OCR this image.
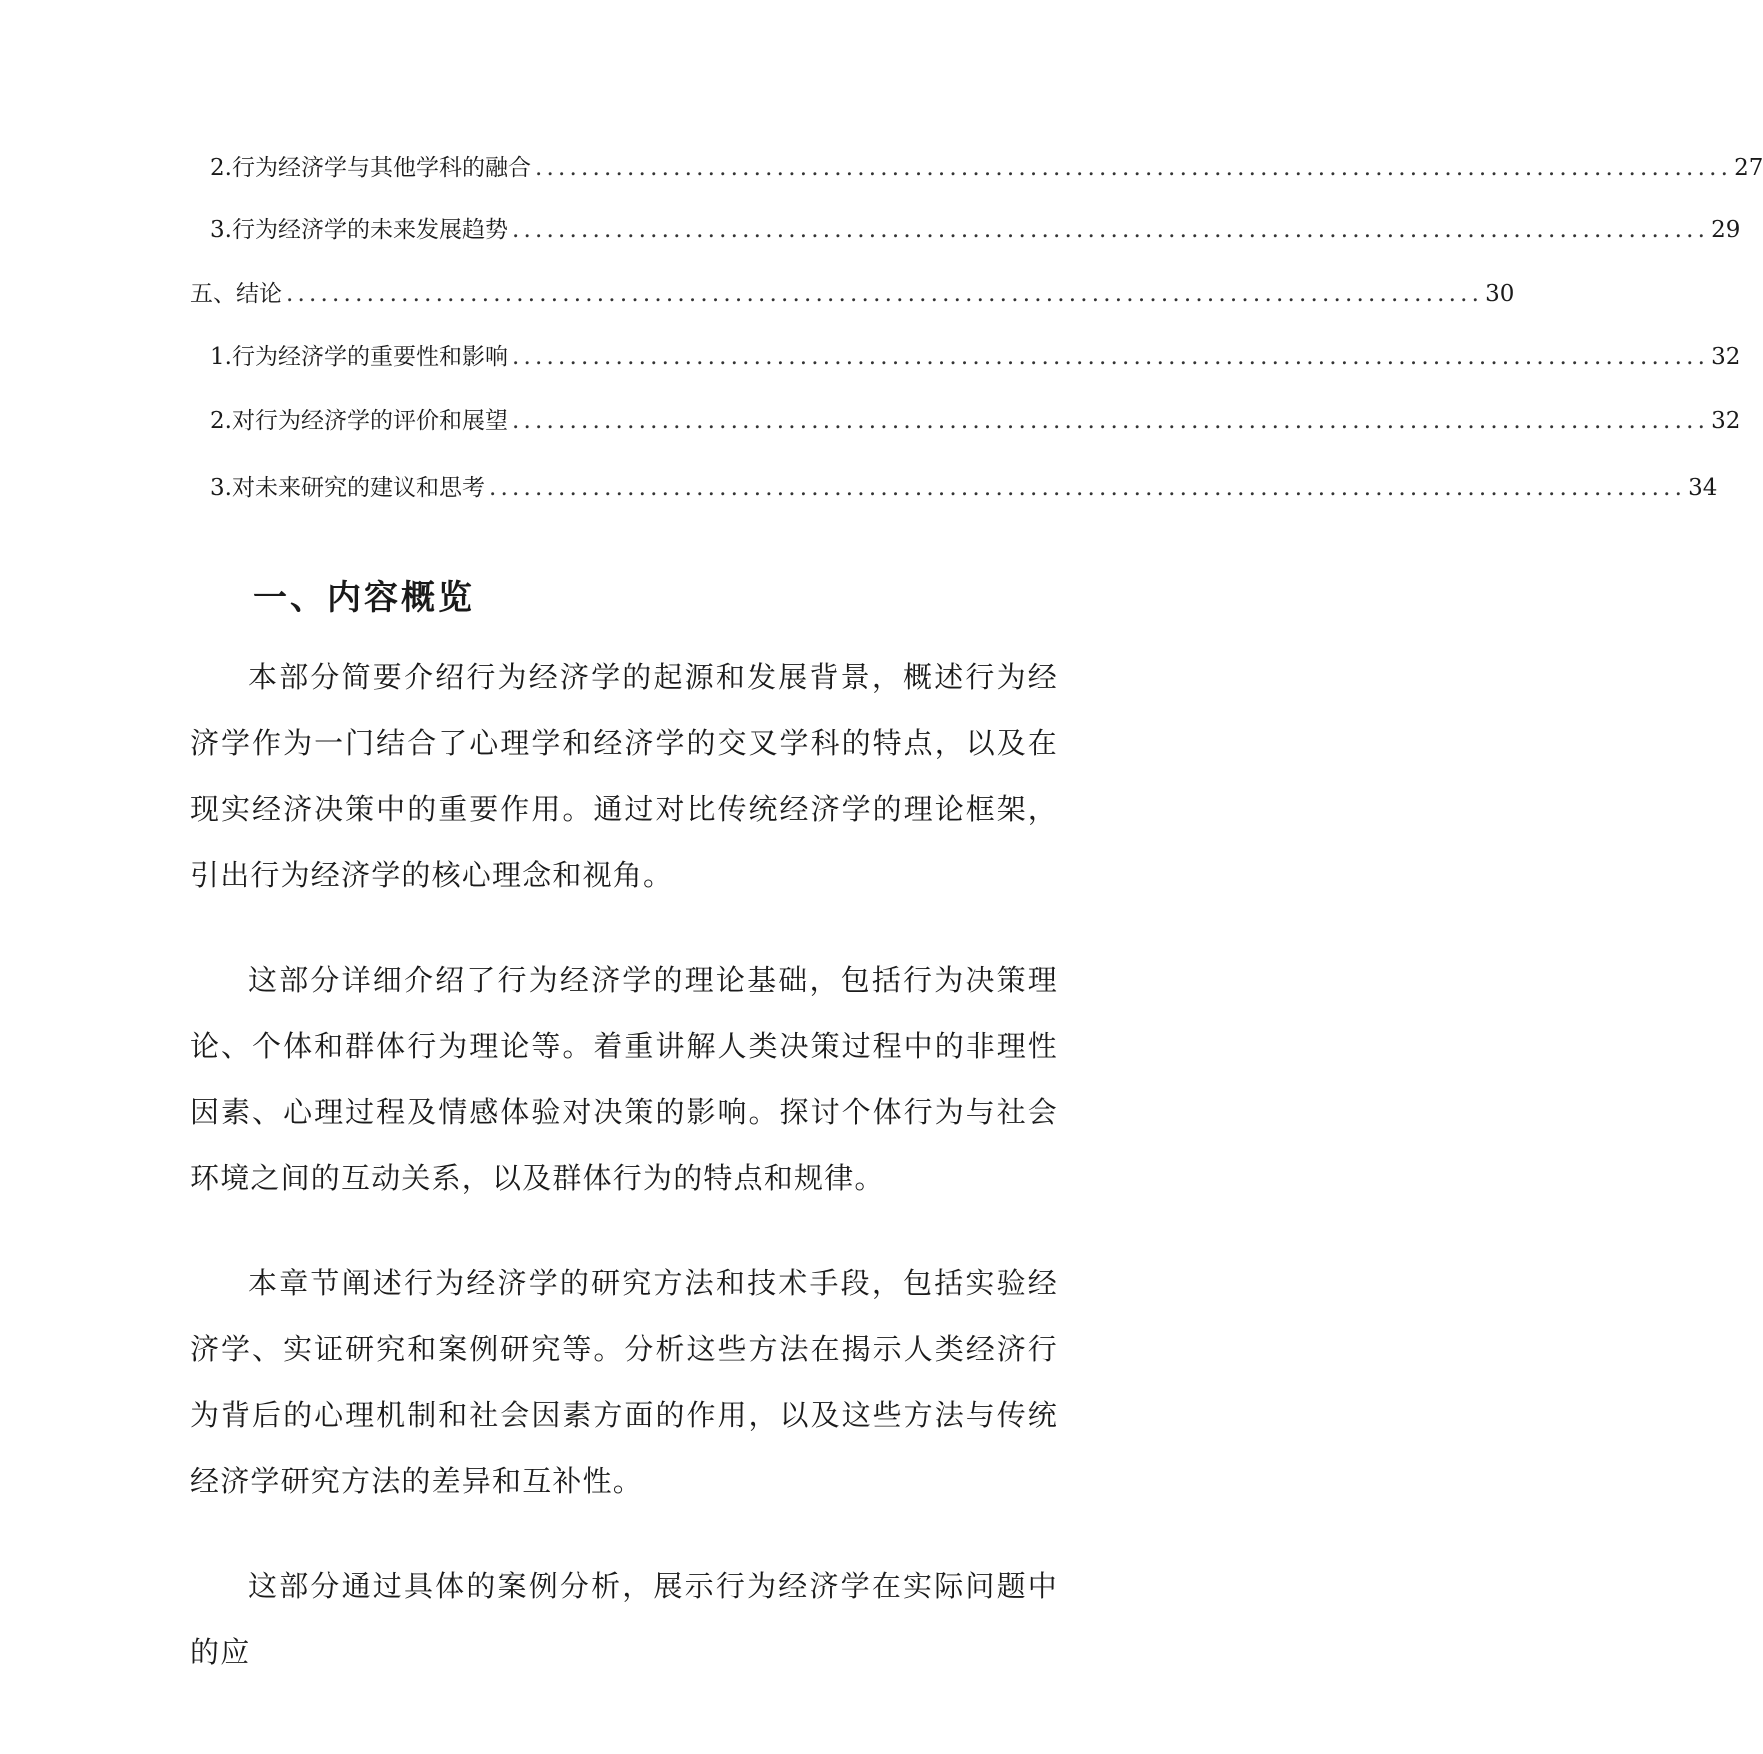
2. 行为经济学与其他学科的融合 ........................................................................................................ 27
3. 行为经济学的未来发展趋势 ........................................................................................................ 29
五、结论 ........................................................................................................ 30
1. 行为经济学的重要性和影响 ........................................................................................................ 32
2. 对行为经济学的评价和展望 ........................................................................................................ 32
3. 对未来研究的建议和思考 ........................................................................................................ 34
一、内容概览

本部分简要介绍行为经济学的起源和发展背景，概述行为经济学作为一门结合了心理学和经济学的交叉学科的特点，以及在现实经济决策中的重要作用。通过对比传统经济学的理论框架，引出行为经济学的核心理念和视角。

这部分详细介绍了行为经济学的理论基础，包括行为决策理论、个体和群体行为理论等。着重讲解人类决策过程中的非理性因素、心理过程及情感体验对决策的影响。探讨个体行为与社会环境之间的互动关系，以及群体行为的特点和规律。

本章节阐述行为经济学的研究方法和技术手段，包括实验经济学、实证研究和案例研究等。分析这些方法在揭示人类经济行为背后的心理机制和社会因素方面的作用，以及这些方法与传统经济学研究方法的差异和互补性。

这部分通过具体的案例分析，展示行为经济学在实际问题中的应
